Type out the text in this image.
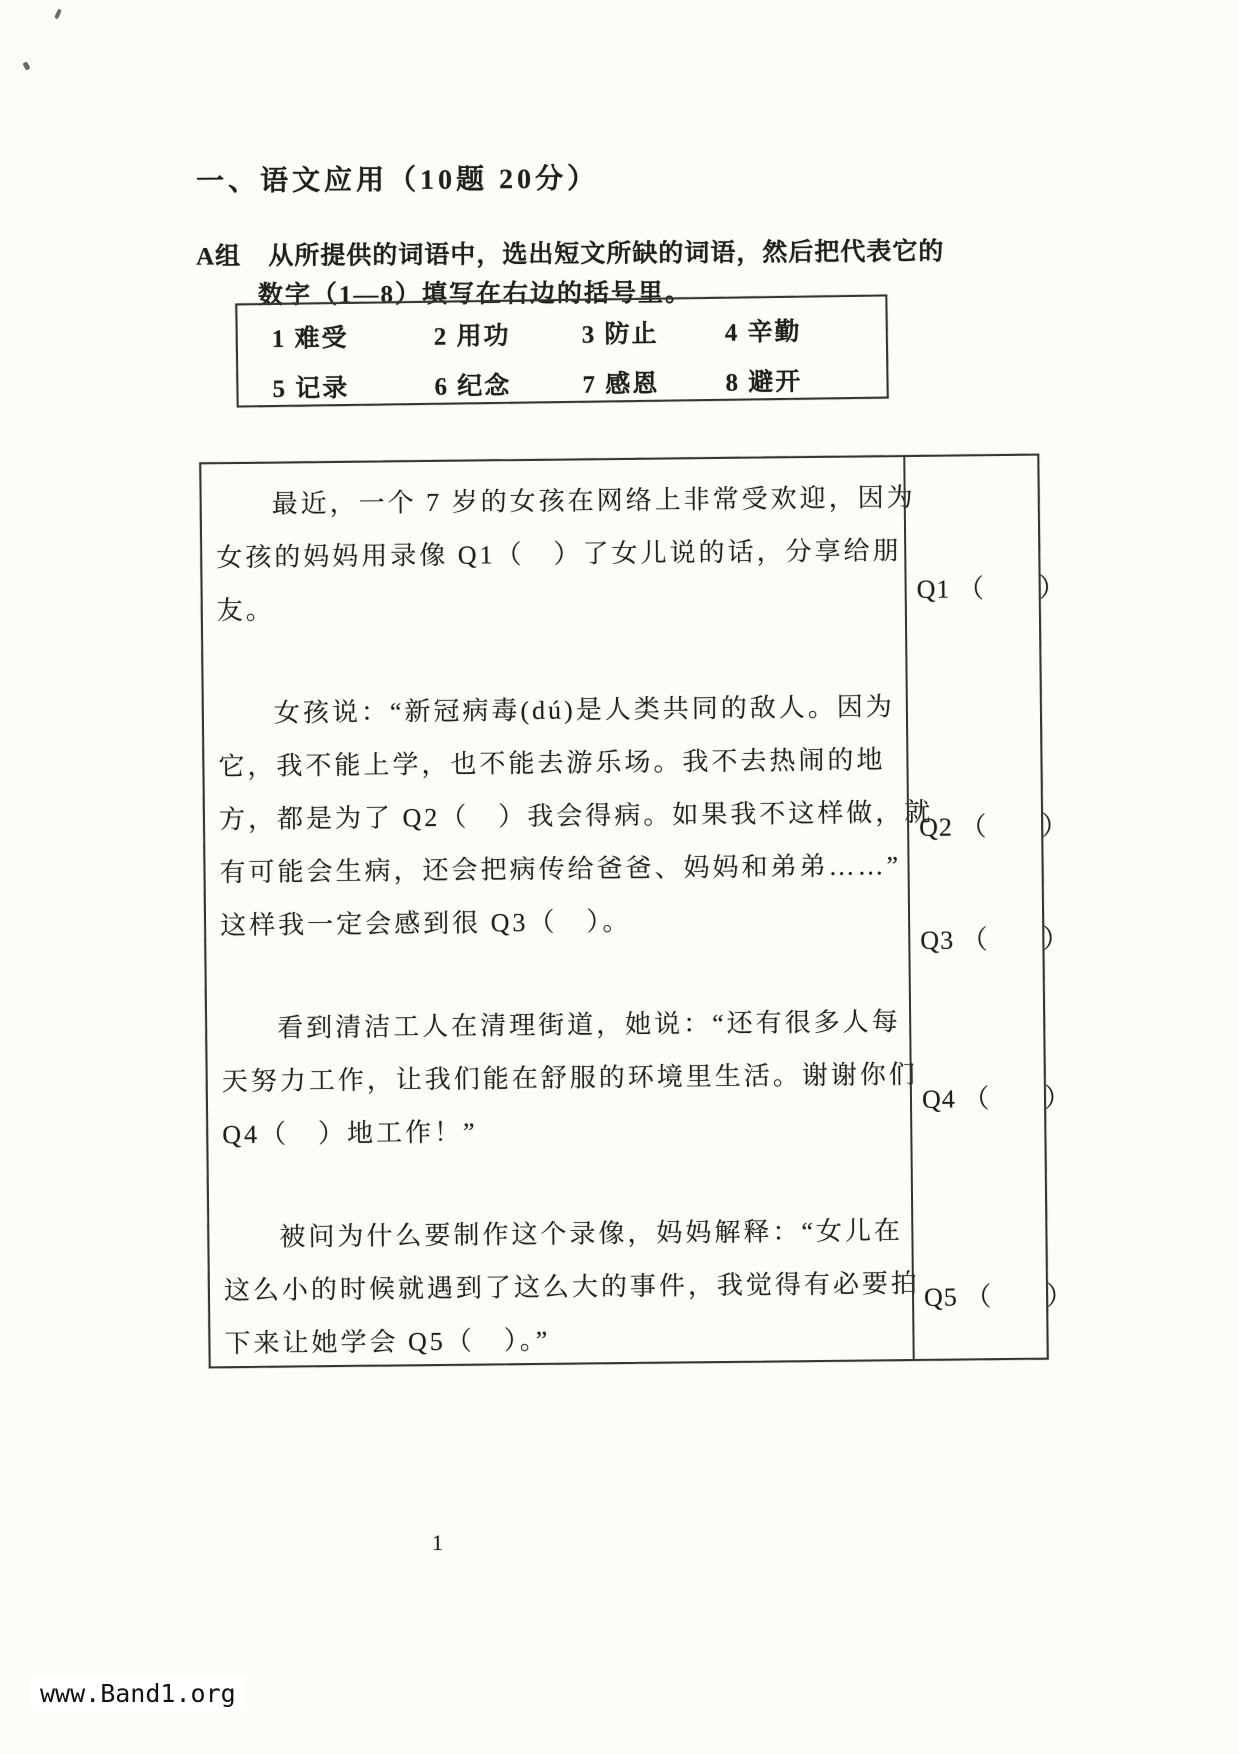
一、语文应用（10题 20分）
A组 从所提供的词语中，选出短文所缺的词语，然后把代表它的
数字（1—8）填写在右边的括号里。
1 难受	2 用功	3 防止	4 辛勤
5 记录	6 纪念	7 感恩	8 避开
最近，一个 7 岁的女孩在网络上非常受欢迎，因为
女孩的妈妈用录像 Q1（　）了女儿说的话，分享给朋
友。
女孩说：“新冠病毒(dú)是人类共同的敌人。因为
它，我不能上学，也不能去游乐场。我不去热闹的地
方，都是为了 Q2（　）我会得病。如果我不这样做，就
有可能会生病，还会把病传给爸爸、妈妈和弟弟……”
这样我一定会感到很 Q3（　）。
看到清洁工人在清理街道，她说：“还有很多人每
天努力工作，让我们能在舒服的环境里生活。谢谢你们
Q4（　）地工作！”
被问为什么要制作这个录像，妈妈解释：“女儿在
这么小的时候就遇到了这么大的事件，我觉得有必要拍
下来让她学会 Q5（　）。”
Q1 （　　）
Q2 （　　）
Q3 （　　）
Q4 （　　）
Q5 （　　）
1
www.Band1.org
